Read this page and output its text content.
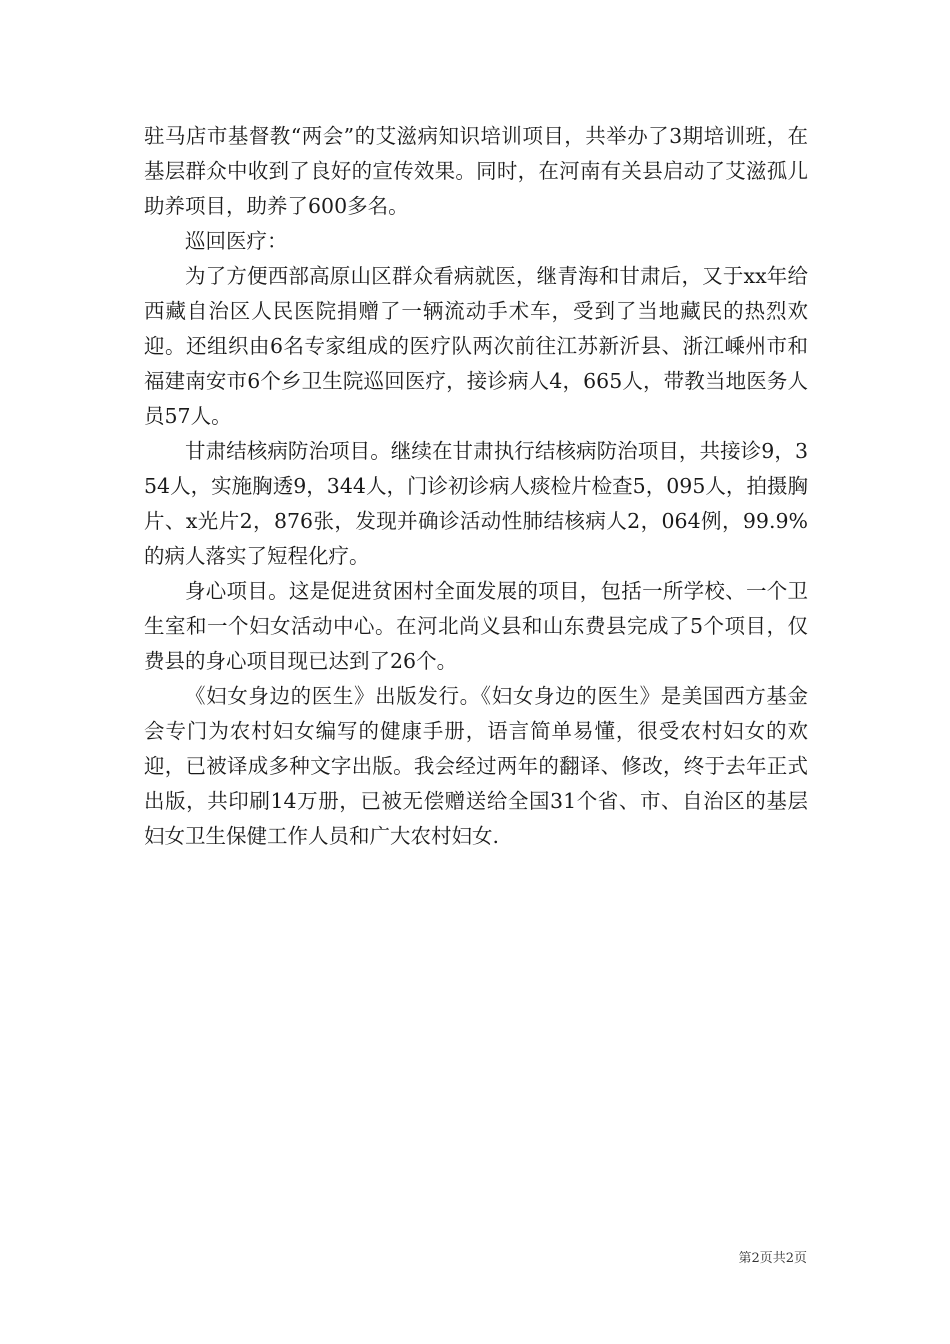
驻马店市基督教“两会”的艾滋病知识培训项目，共举办了3期培训班，在基层群众中收到了良好的宣传效果。同时，在河南有关县启动了艾滋孤儿助养项目，助养了600多名。

巡回医疗：

为了方便西部高原山区群众看病就医，继青海和甘肃后，又于xx年给西藏自治区人民医院捐赠了一辆流动手术车，受到了当地藏民的热烈欢迎。还组织由6名专家组成的医疗队两次前往江苏新沂县、浙江嵊州市和福建南安市6个乡卫生院巡回医疗，接诊病人4，665人，带教当地医务人员57人。

甘肃结核病防治项目。继续在甘肃执行结核病防治项目，共接诊9，354人，实施胸透9，344人，门诊初诊病人痰检片检查5，095人，拍摄胸片、x光片2，876张，发现并确诊活动性肺结核病人2，064例，99.9%的病人落实了短程化疗。

身心项目。这是促进贫困村全面发展的项目，包括一所学校、一个卫生室和一个妇女活动中心。在河北尚义县和山东费县完成了5个项目，仅费县的身心项目现已达到了26个。

《妇女身边的医生》出版发行。《妇女身边的医生》是美国西方基金会专门为农村妇女编写的健康手册，语言简单易懂，很受农村妇女的欢迎，已被译成多种文字出版。我会经过两年的翻译、修改，终于去年正式出版，共印刷14万册，已被无偿赠送给全国31个省、市、自治区的基层妇女卫生保健工作人员和广大农村妇女.

第2页共2页
